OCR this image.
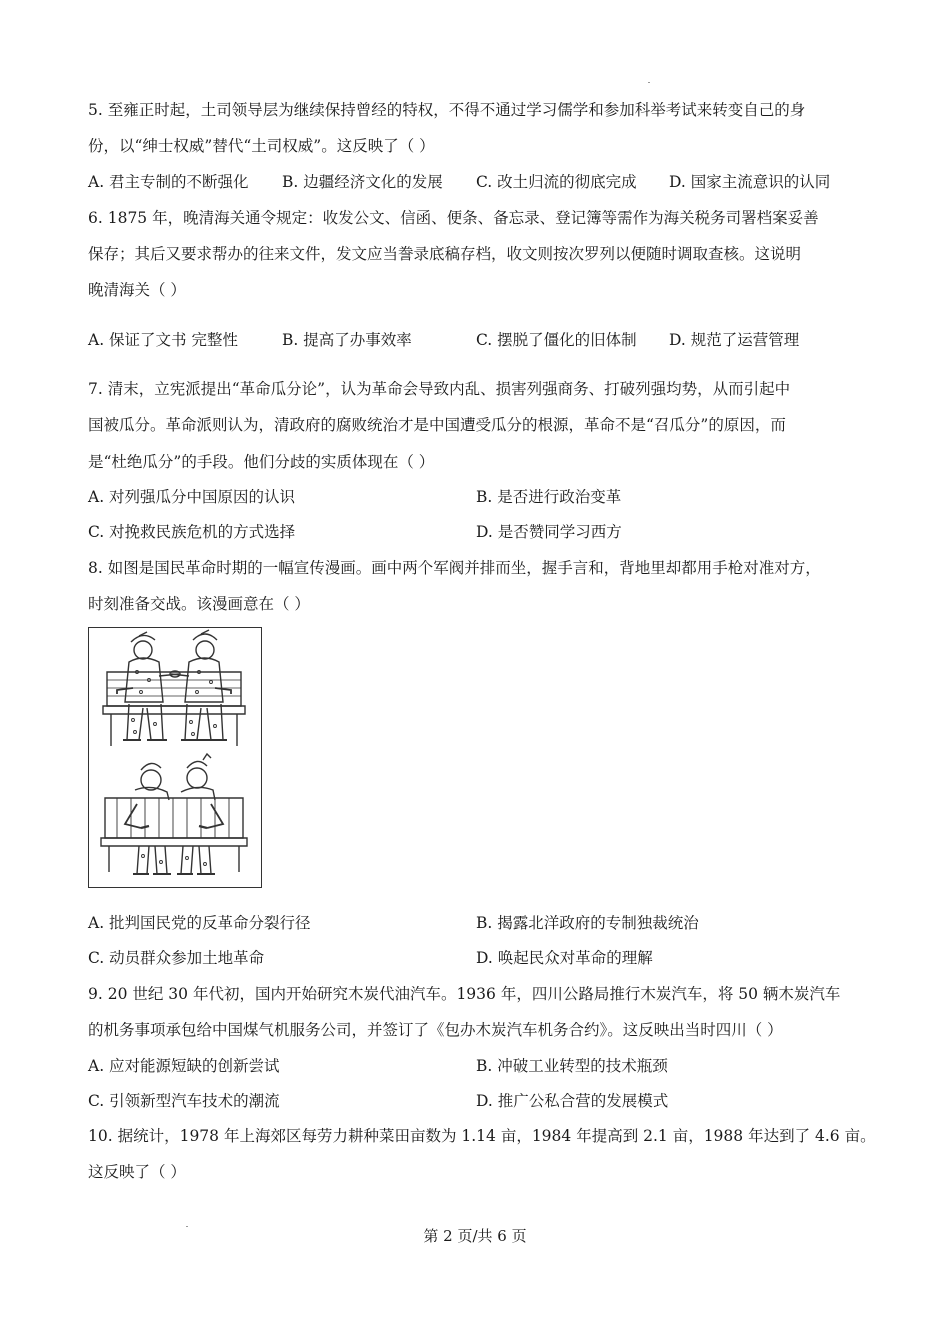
5. 至雍正时起，土司领导层为继续保持曾经的特权，不得不通过学习儒学和参加科举考试来转变自己的身
份，以“绅士权威”替代“土司权威”。这反映了（ ）
A. 君主专制的不断强化 B. 边疆经济文化的发展 C. 改土归流的彻底完成 D. 国家主流意识的认同
6. 1875 年，晚清海关通令规定：收发公文、信函、便条、备忘录、登记簿等需作为海关税务司署档案妥善
保存；其后又要求帮办的往来文件，发文应当誊录底稿存档，收文则按次罗列以便随时调取查核。这说明
晚清海关（ ）
A. 保证了文书 完整性	B. 提高了办事效率	C. 摆脱了僵化的旧体制 D. 规范了运营管理
7. 清末，立宪派提出“革命瓜分论”，认为革命会导致内乱、损害列强商务、打破列强均势，从而引起中
国被瓜分。革命派则认为，清政府的腐败统治才是中国遭受瓜分的根源，革命不是“召瓜分”的原因，而
是“杜绝瓜分”的手段。他们分歧的实质体现在（ ）
A. 对列强瓜分中国原因的认识	B. 是否进行政治变革
C. 对挽救民族危机的方式选择	D. 是否赞同学习西方
8. 如图是国民革命时期的一幅宣传漫画。画中两个军阀并排而坐，握手言和，背地里却都用手枪对准对方，
时刻准备交战。该漫画意在（ ）
A. 批判国民党的反革命分裂行径	B. 揭露北洋政府的专制独裁统治
C. 动员群众参加土地革命	D. 唤起民众对革命的理解
9. 20 世纪 30 年代初，国内开始研究木炭代油汽车。1936 年，四川公路局推行木炭汽车，将 50 辆木炭汽车
的机务事项承包给中国煤气机服务公司，并签订了《包办木炭汽车机务合约》。这反映出当时四川（ ）
A. 应对能源短缺的创新尝试	B. 冲破工业转型的技术瓶颈
C. 引领新型汽车技术的潮流	D. 推广公私合营的发展模式
10. 据统计，1978 年上海郊区每劳力耕种菜田亩数为 1.14 亩，1984 年提高到 2.1 亩，1988 年达到了 4.6 亩。
这反映了（ ）
第 2 页/共 6 页
